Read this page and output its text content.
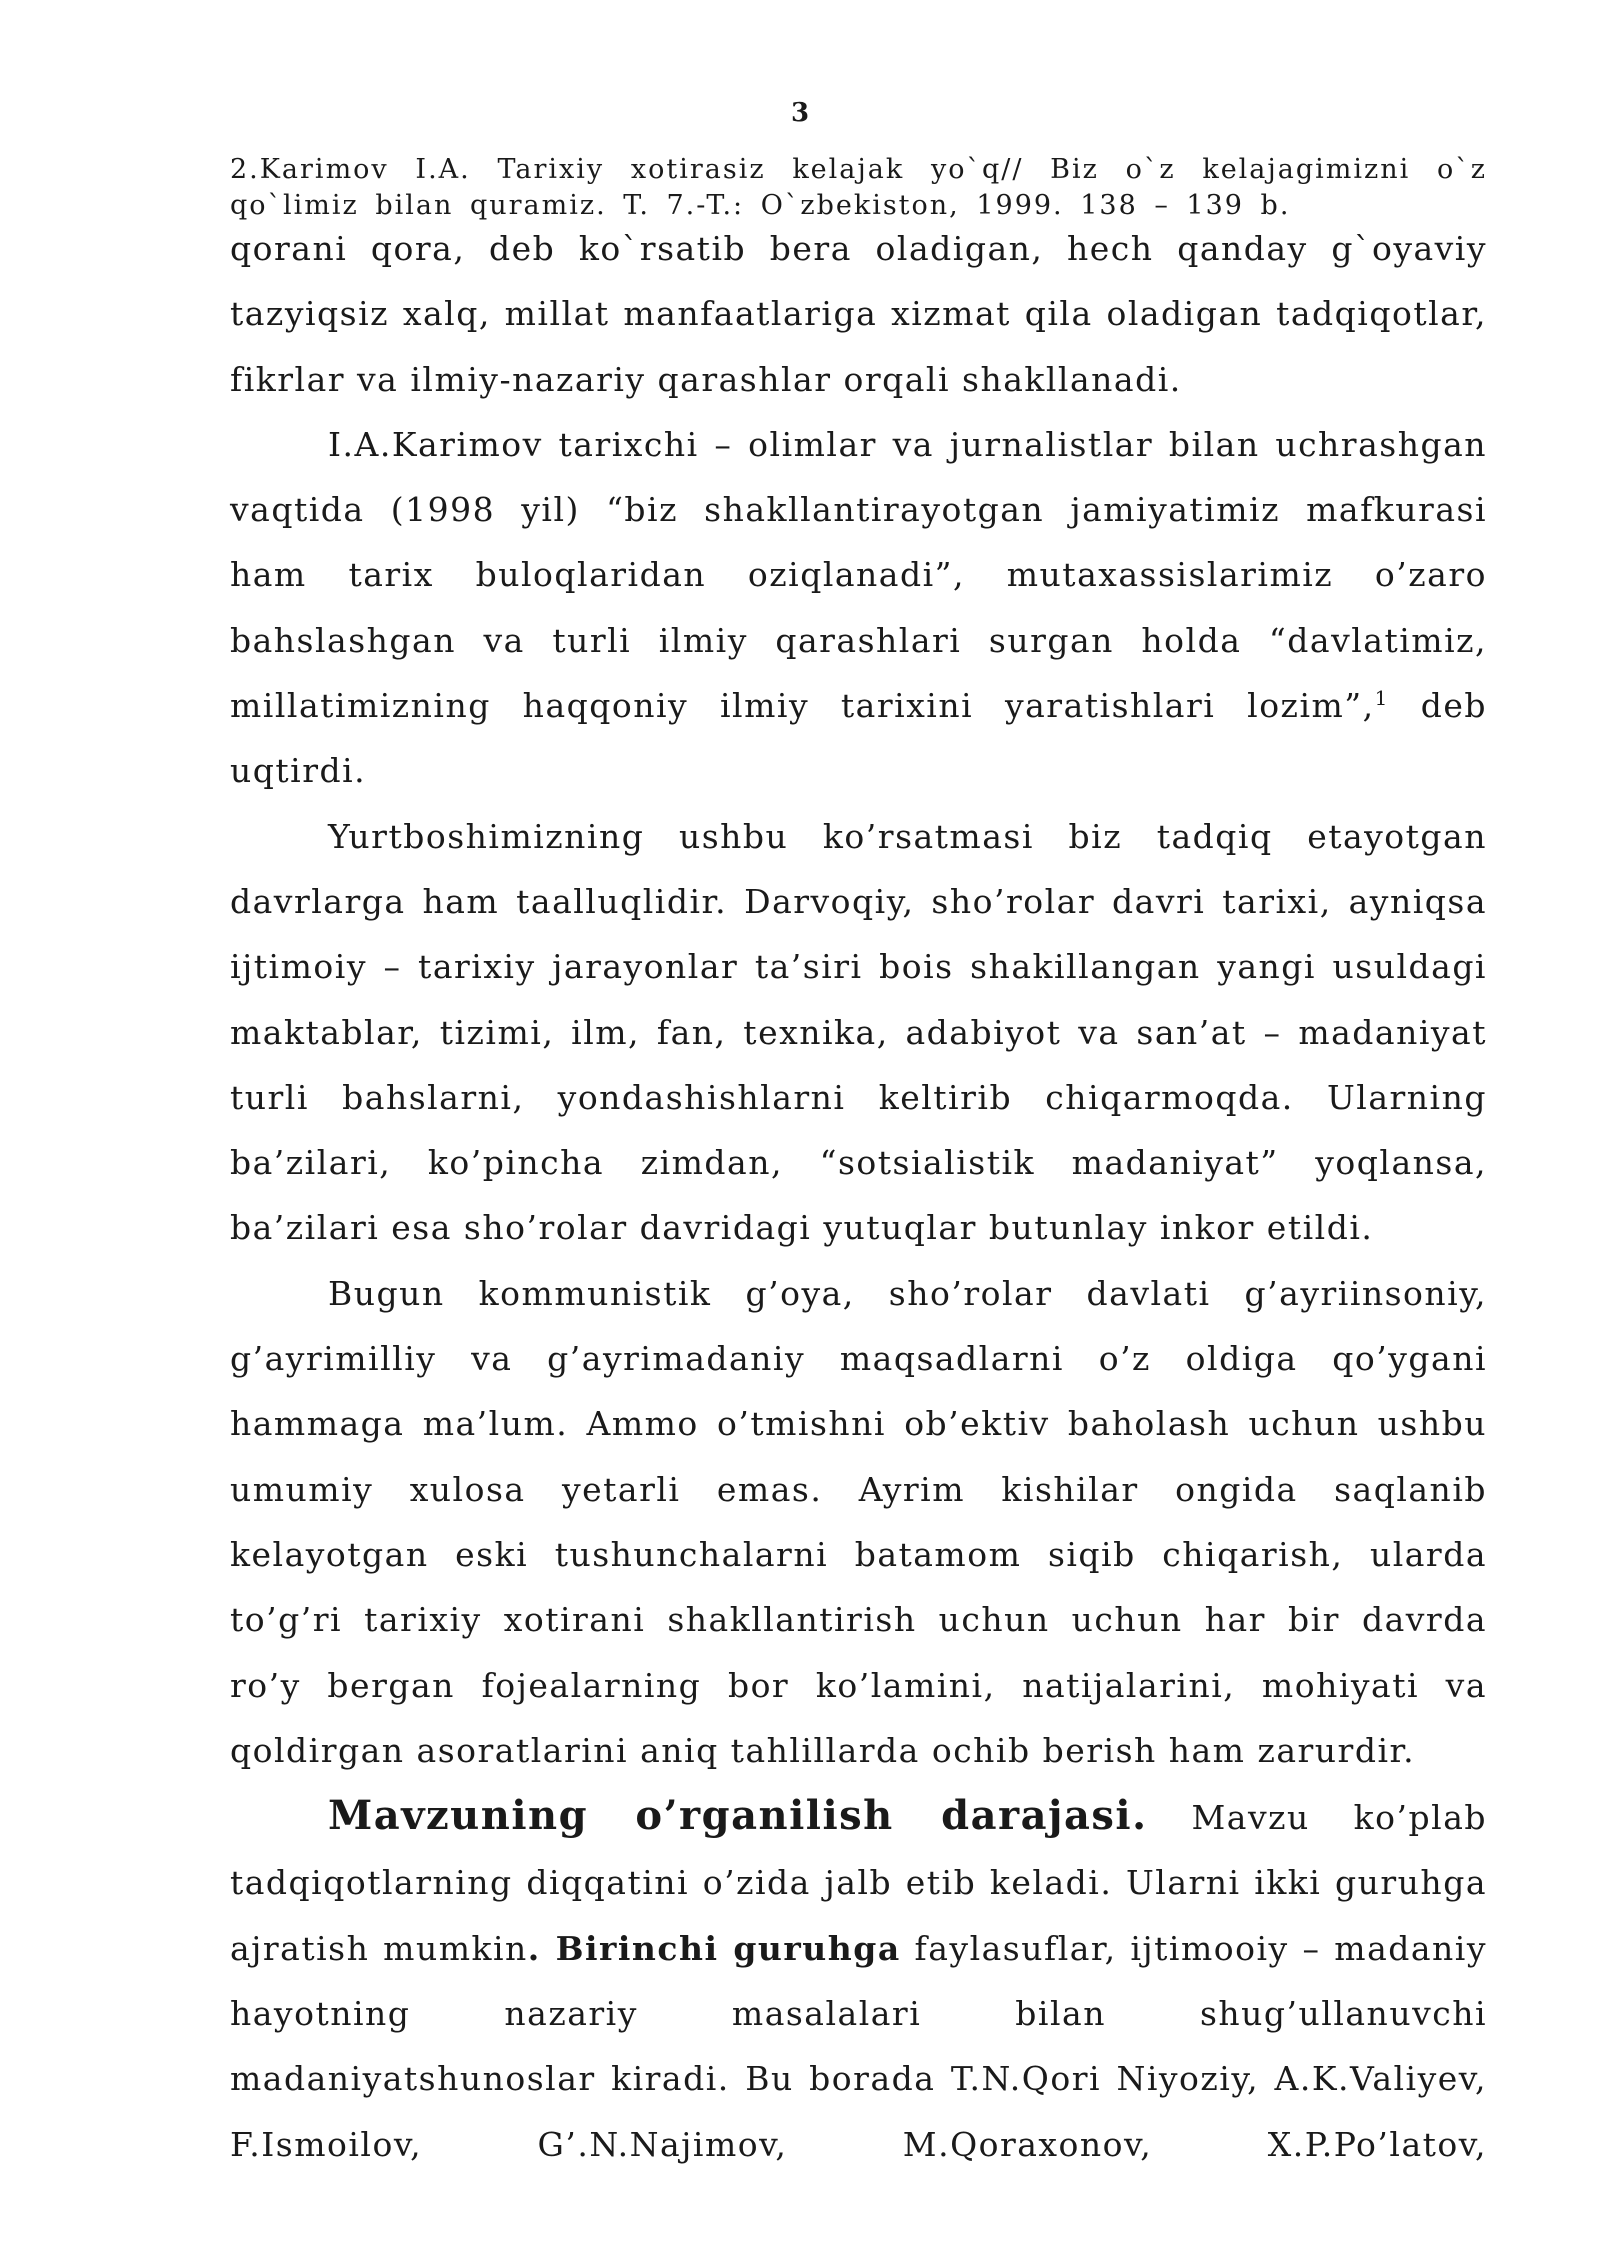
3
2.Karimov I.A. Tarixiy xotirasiz kelajak yo`q// Biz o`z kelajagimizni o`z qo`limiz bilan quramiz. T. 7.-T.: O`zbekiston, 1999. 138 – 139 b.

qorani qora, deb ko`rsatib bera oladigan, hech qanday g`oyaviy tazyiqsiz xalq, millat manfaatlariga xizmat qila oladigan tadqiqotlar, fikrlar va ilmiy-nazariy qarashlar orqali shakllanadi.

I.A.Karimov tarixchi – olimlar va jurnalistlar bilan uchrashgan vaqtida (1998 yil) “biz shakllantirayotgan jamiyatimiz mafkurasi ham tarix buloqlaridan oziqlanadi”, mutaxassislarimiz o’zaro bahslashgan va turli ilmiy qarashlari surgan holda “davlatimiz, millatimizning haqqoniy ilmiy tarixini yaratishlari lozim”,$^1$ deb uqtirdi.

Yurtboshimizning ushbu ko’rsatmasi biz tadqiq etayotgan davrlarga ham taalluqlidir. Darvoqiy, sho’rolar davri tarixi, ayniqsa ijtimoiy – tarixiy jarayonlar ta’siri bois shakillangan yangi usuldagi maktablar, tizimi, ilm, fan, texnika, adabiyot va san’at – madaniyat turli bahslarni, yondashishlarni keltirib chiqarmoqda. Ularning ba’zilari, ko’pincha zimdan, “sotsialistik madaniyat” yoqlansa, ba’zilari esa sho’rolar davridagi yutuqlar butunlay inkor etildi.

Bugun kommunistik g’oya, sho’rolar davlati g’ayriinsoniy, g’ayrimilliy va g’ayrimadaniy maqsadlarni o’z oldiga qo’ygani hammaga ma’lum. Ammo o’tmishni ob’ektiv baholash uchun ushbu umumiy xulosa yetarli emas. Ayrim kishilar ongida saqlanib kelayotgan eski tushunchalarni batamom siqib chiqarish, ularda to’g’ri tarixiy xotirani shakllantirish uchun uchun har bir davrda ro’y bergan fojealarning bor ko’lamini, natijalarini, mohiyati va qoldirgan asoratlarini aniq tahlillarda ochib berish ham zarurdir.

Mavzuning o’rganilish darajasi. Mavzu ko’plab tadqiqotlarning diqqatini o’zida jalb etib keladi. Ularni ikki guruhga ajratish mumkin. Birinchi guruhga faylasuflar, ijtimooiy – madaniy hayotning nazariy masalalari bilan shug’ullanuvchi madaniyatshunoslar kiradi. Bu borada T.N.Qori Niyoziy, A.K.Valiyev, F.Ismoilov, G’.N.Najimov, M.Qoraxonov, X.P.Po’latov,
